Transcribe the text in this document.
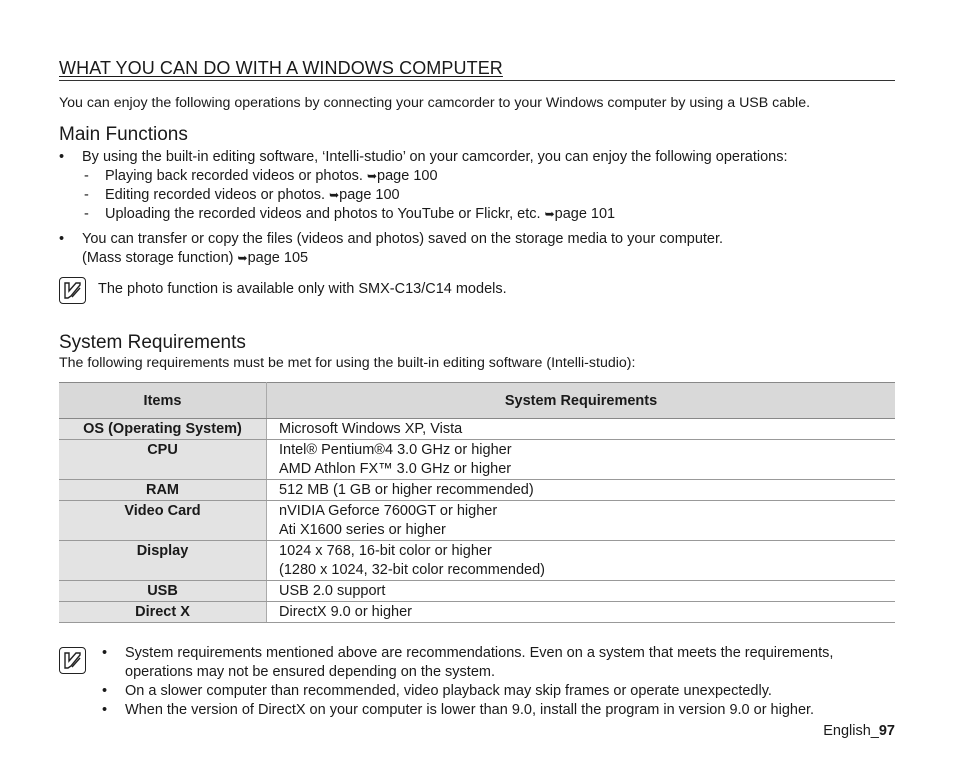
WHAT YOU CAN DO WITH A WINDOWS COMPUTER
You can enjoy the following operations by connecting your camcorder to your Windows computer by using a USB cable.
Main Functions
• By using the built-in editing software, ‘Intelli-studio’ on your camcorder, you can enjoy the following operations:
- Playing back recorded videos or photos. ➥page 100
- Editing recorded videos or photos. ➥page 100
- Uploading the recorded videos and photos to YouTube or Flickr, etc. ➥page 101
• You can transfer or copy the files (videos and photos) saved on the storage media to your computer.
(Mass storage function) ➥page 105
The photo function is available only with SMX-C13/C14 models.
System Requirements
The following requirements must be met for using the built-in editing software (Intelli-studio):
Items	System Requirements
OS (Operating System)	Microsoft Windows XP, Vista
CPU	Intel® Pentium®4 3.0 GHz or higher
AMD Athlon FX™ 3.0 GHz or higher
RAM	512 MB (1 GB or higher recommended)
Video Card	nVIDIA Geforce 7600GT or higher
Ati X1600 series or higher
Display	1024 x 768, 16-bit color or higher
(1280 x 1024, 32-bit color recommended)
USB	USB 2.0 support
Direct X	DirectX 9.0 or higher
• System requirements mentioned above are recommendations. Even on a system that meets the requirements, operations may not be ensured depending on the system.
• On a slower computer than recommended, video playback may skip frames or operate unexpectedly.
• When the version of DirectX on your computer is lower than 9.0, install the program in version 9.0 or higher.
English_97
